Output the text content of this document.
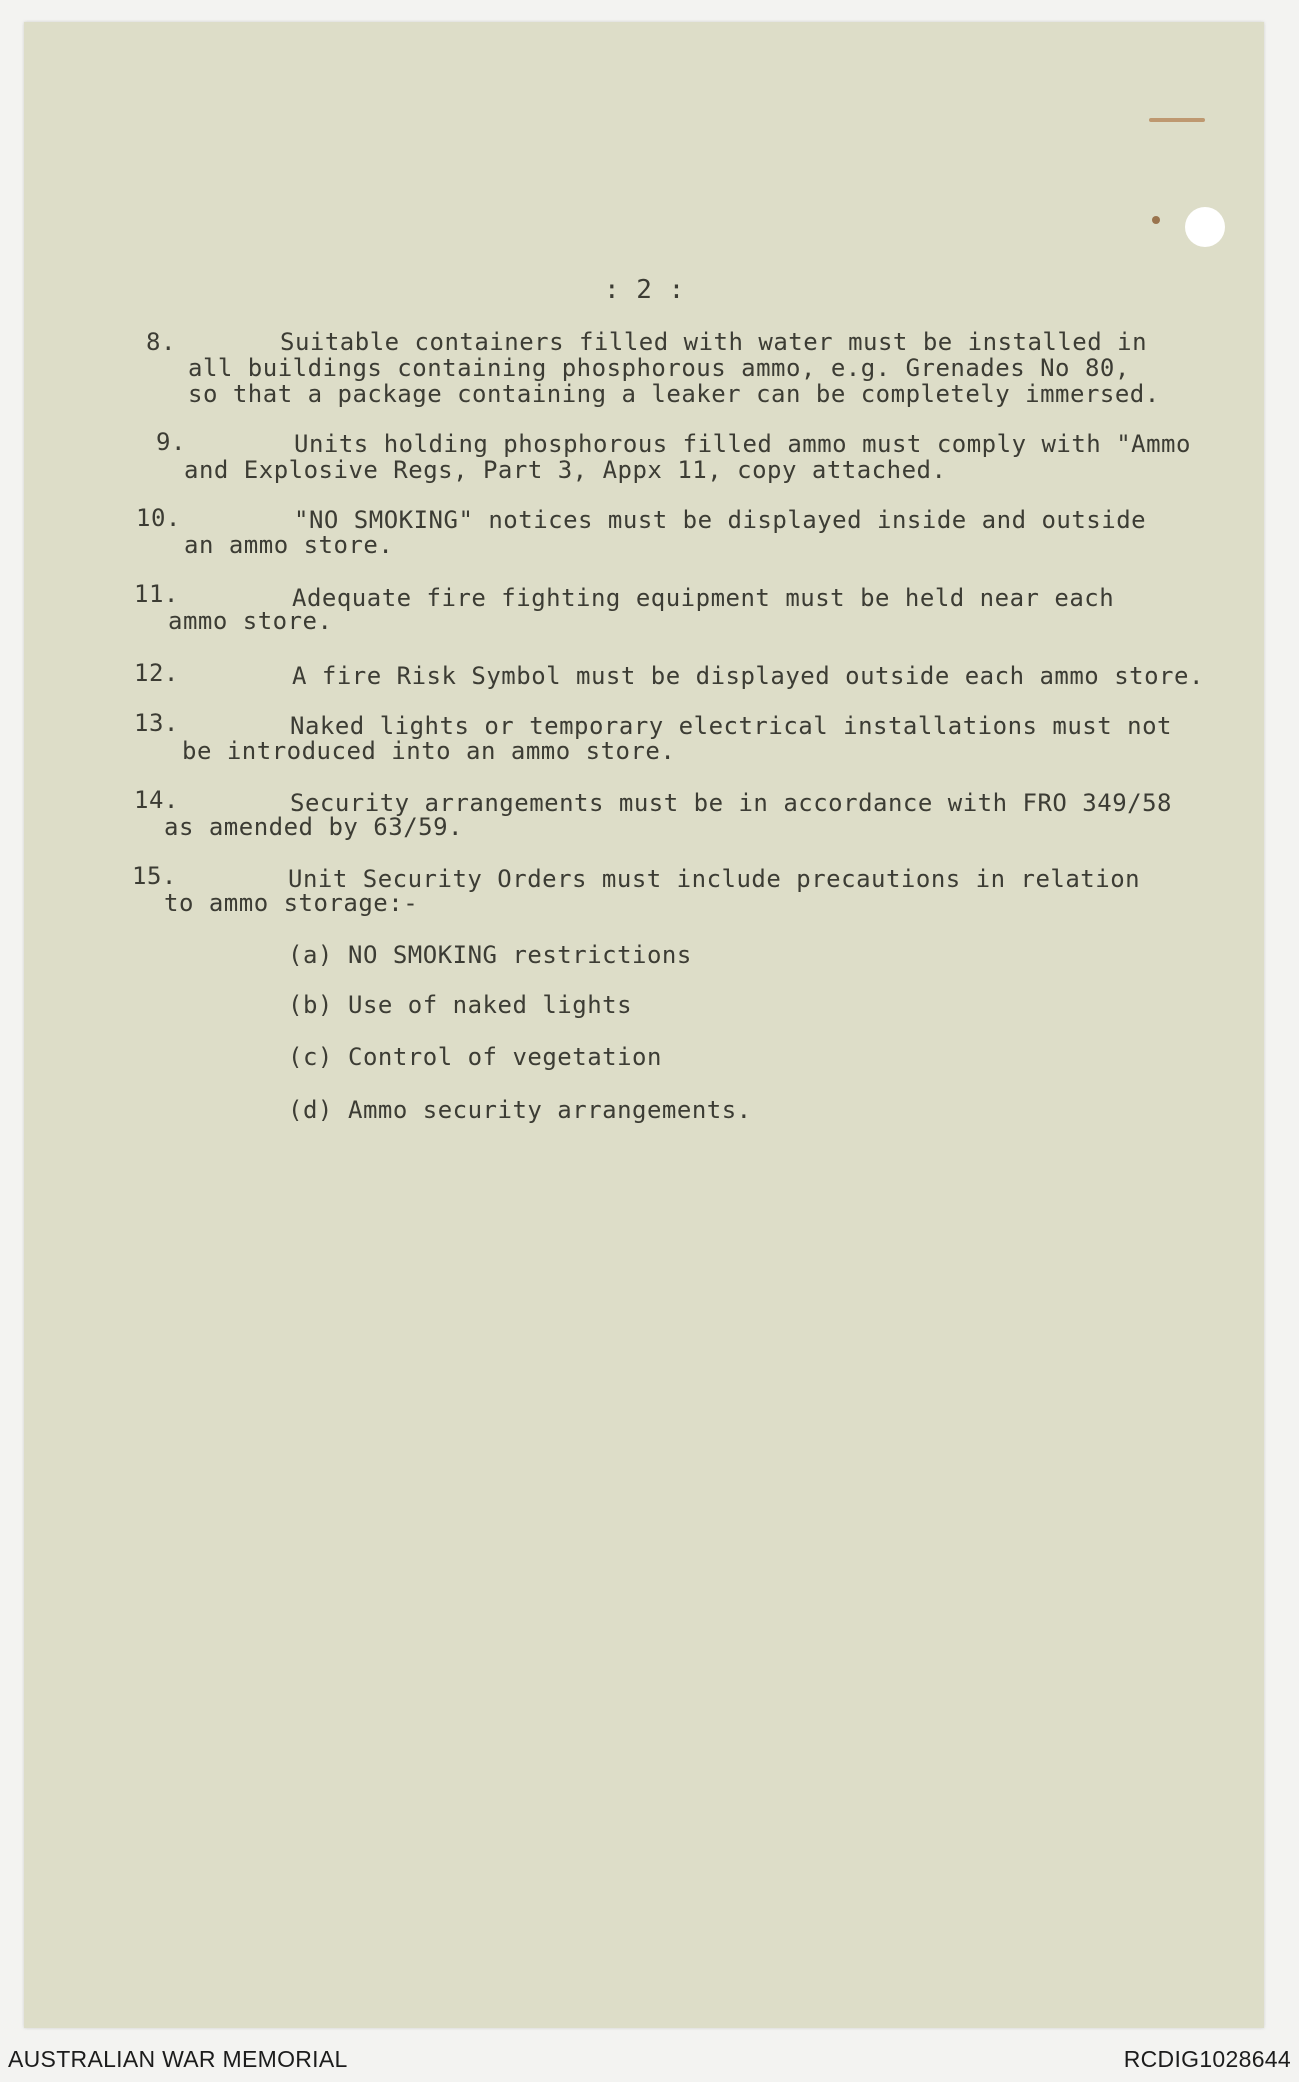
: 2 :
8.	Suitable containers filled with water must be installed in
all buildings containing phosphorous ammo, e.g. Grenades No 80,
so that a package containing a leaker can be completely immersed.
9.	Units holding phosphorous filled ammo must comply with "Ammo
and Explosive Regs, Part 3, Appx 11, copy attached.
10.	"NO SMOKING" notices must be displayed inside and outside
an ammo store.
11.	Adequate fire fighting equipment must be held near each
ammo store.
12.	A fire Risk Symbol must be displayed outside each ammo store.
13.	Naked lights or temporary electrical installations must not
be introduced into an ammo store.
14.	Security arrangements must be in accordance with FRO 349/58
as amended by 63/59.
15.	Unit Security Orders must include precautions in relation
to ammo storage:-
(a) NO SMOKING restrictions
(b) Use of naked lights
(c) Control of vegetation
(d) Ammo security arrangements.
AUSTRALIAN WAR MEMORIAL	RCDIG1028644
